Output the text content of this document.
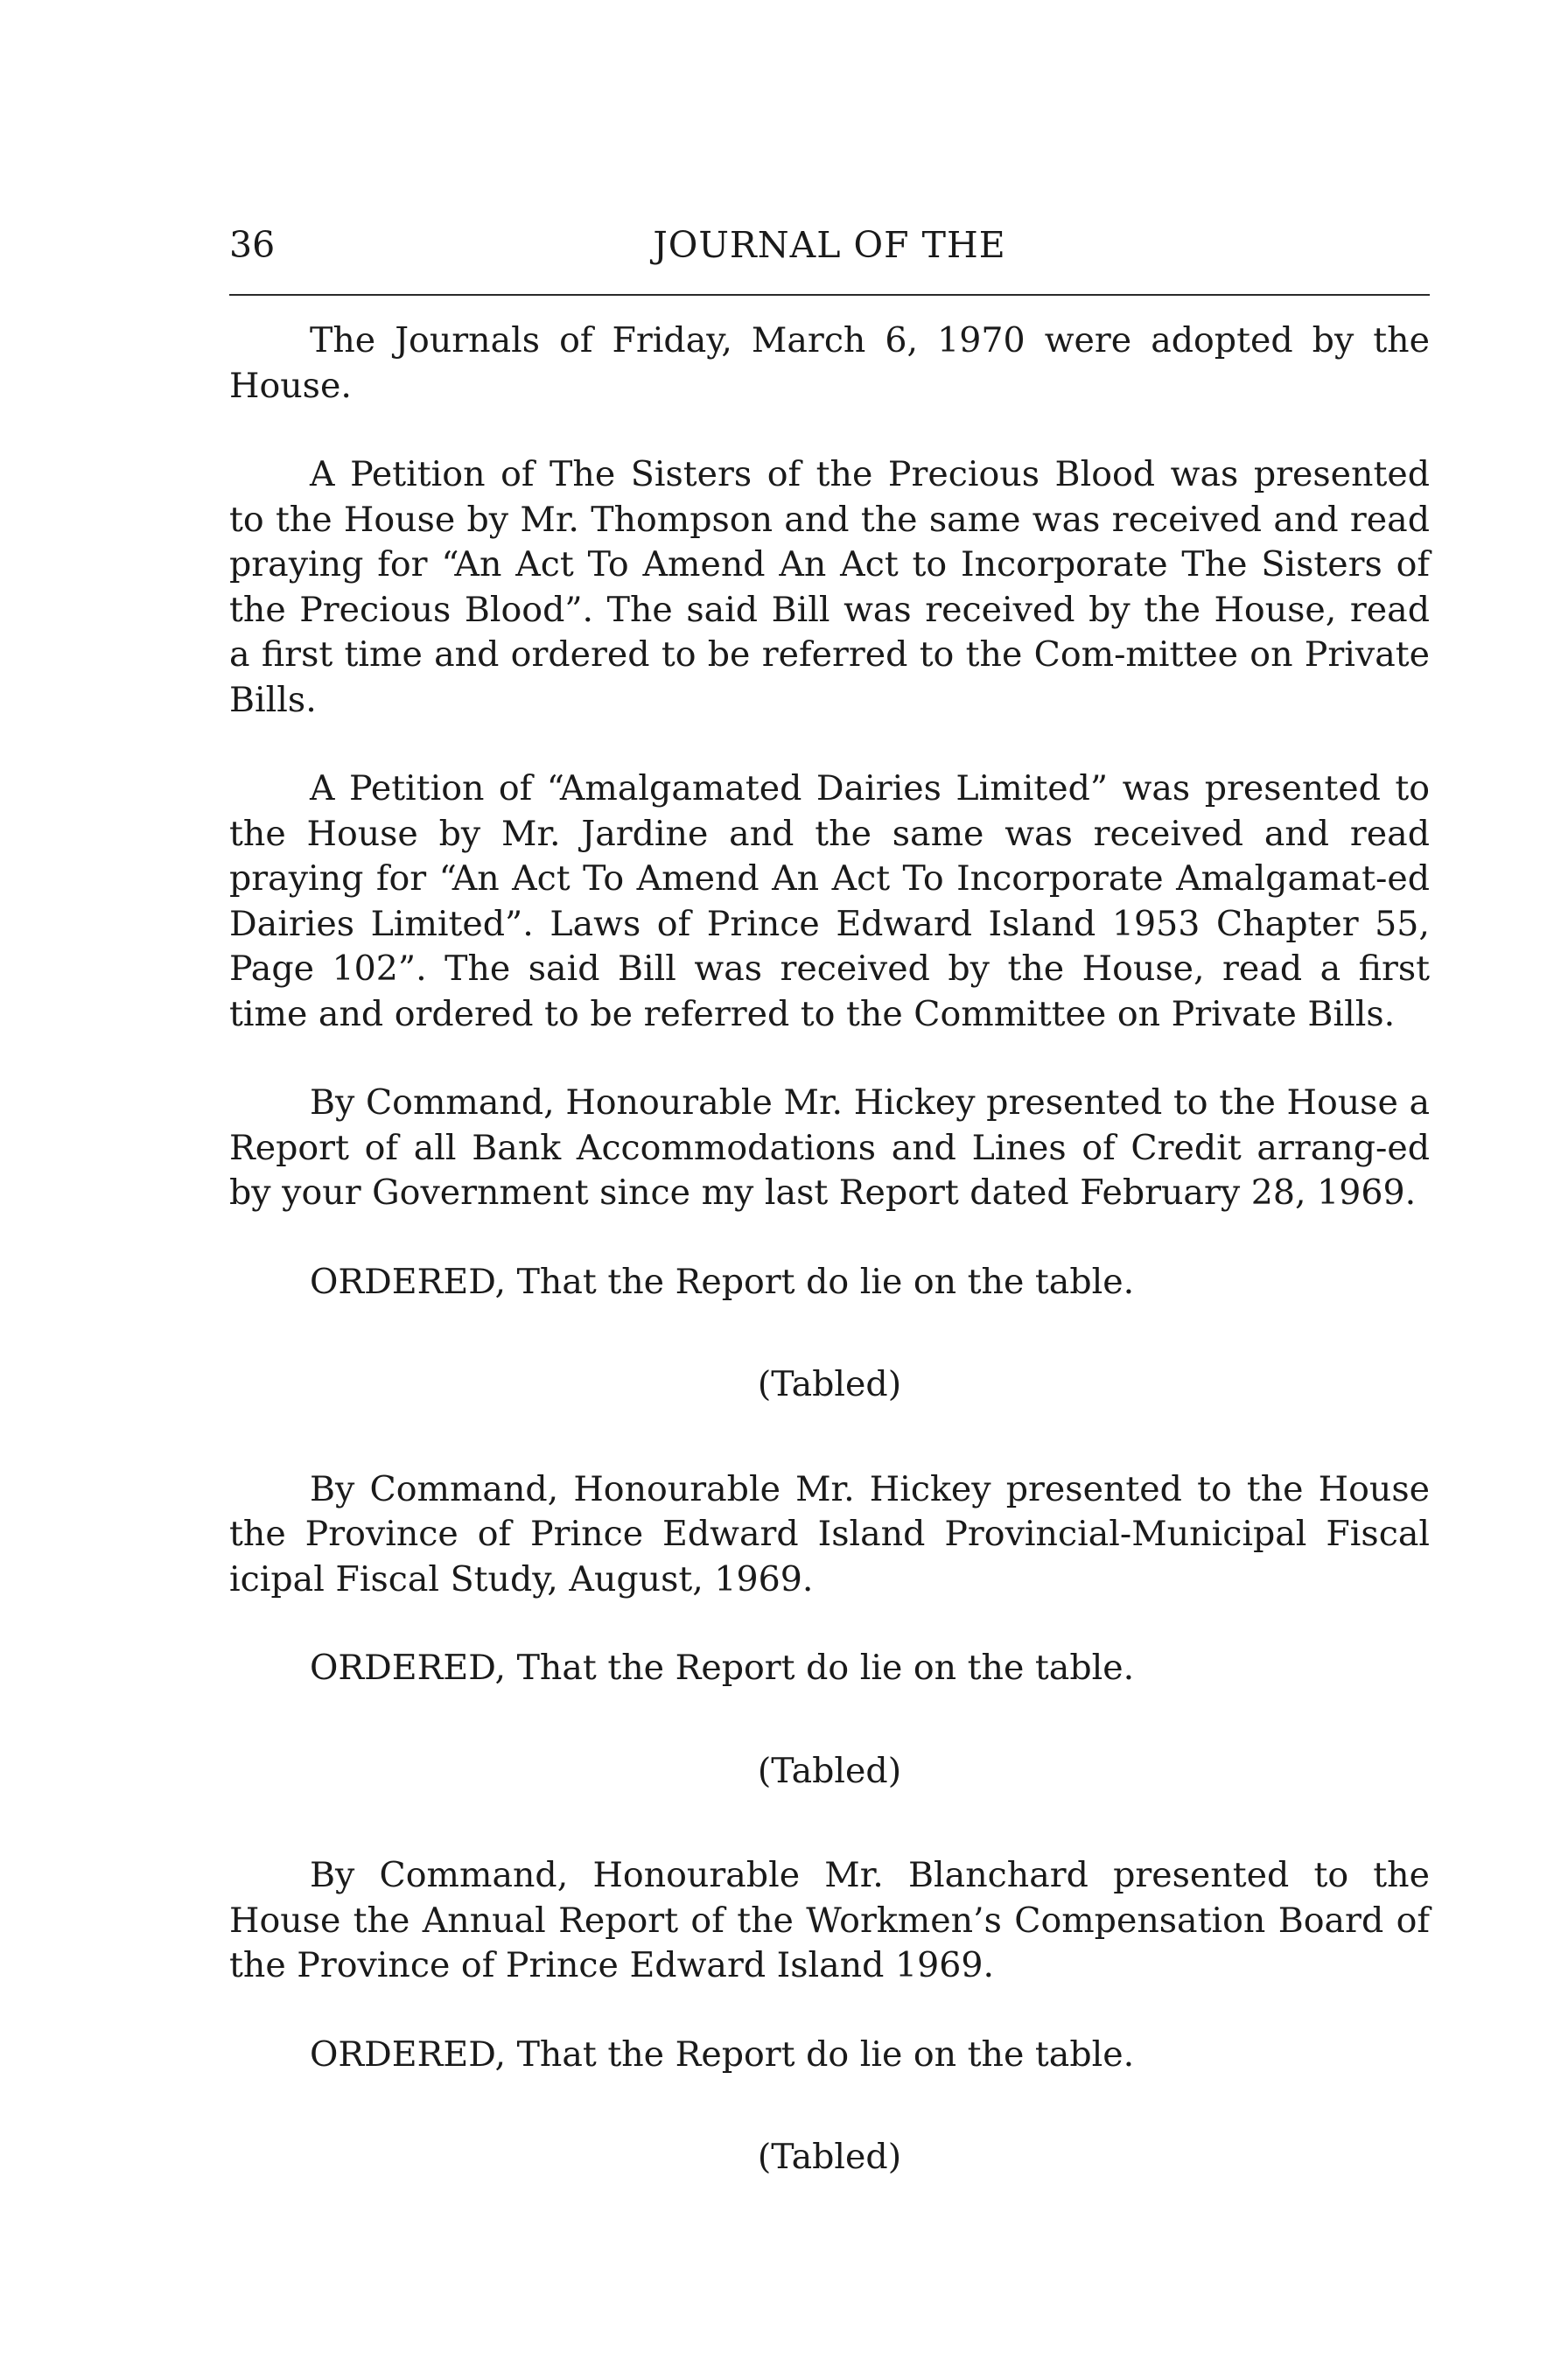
36	JOURNAL OF THE

The Journals of Friday, March 6, 1970 were adopted by the House.

A Petition of The Sisters of the Precious Blood was presented to the House by Mr. Thompson and the same was received and read praying for “An Act To Amend An Act to Incorporate The Sisters of the Precious Blood”. The said Bill was received by the House, read a first time and ordered to be referred to the Com-mittee on Private Bills.

A Petition of “Amalgamated Dairies Limited” was presented to the House by Mr. Jardine and the same was received and read praying for “An Act To Amend An Act To Incorporate Amalgamat-ed Dairies Limited”. Laws of Prince Edward Island 1953 Chapter 55, Page 102”. The said Bill was received by the House, read a first time and ordered to be referred to the Committee on Private Bills.

By Command, Honourable Mr. Hickey presented to the House a Report of all Bank Accommodations and Lines of Credit arrang-ed by your Government since my last Report dated February 28, 1969.

ORDERED, That the Report do lie on the table.

(Tabled)

By Command, Honourable Mr. Hickey presented to the House the Province of Prince Edward Island Provincial-Municipal Fiscal icipal Fiscal Study, August, 1969.

ORDERED, That the Report do lie on the table.

(Tabled)

By Command, Honourable Mr. Blanchard presented to the House the Annual Report of the Workmen’s Compensation Board of the Province of Prince Edward Island 1969.

ORDERED, That the Report do lie on the table.

(Tabled)
